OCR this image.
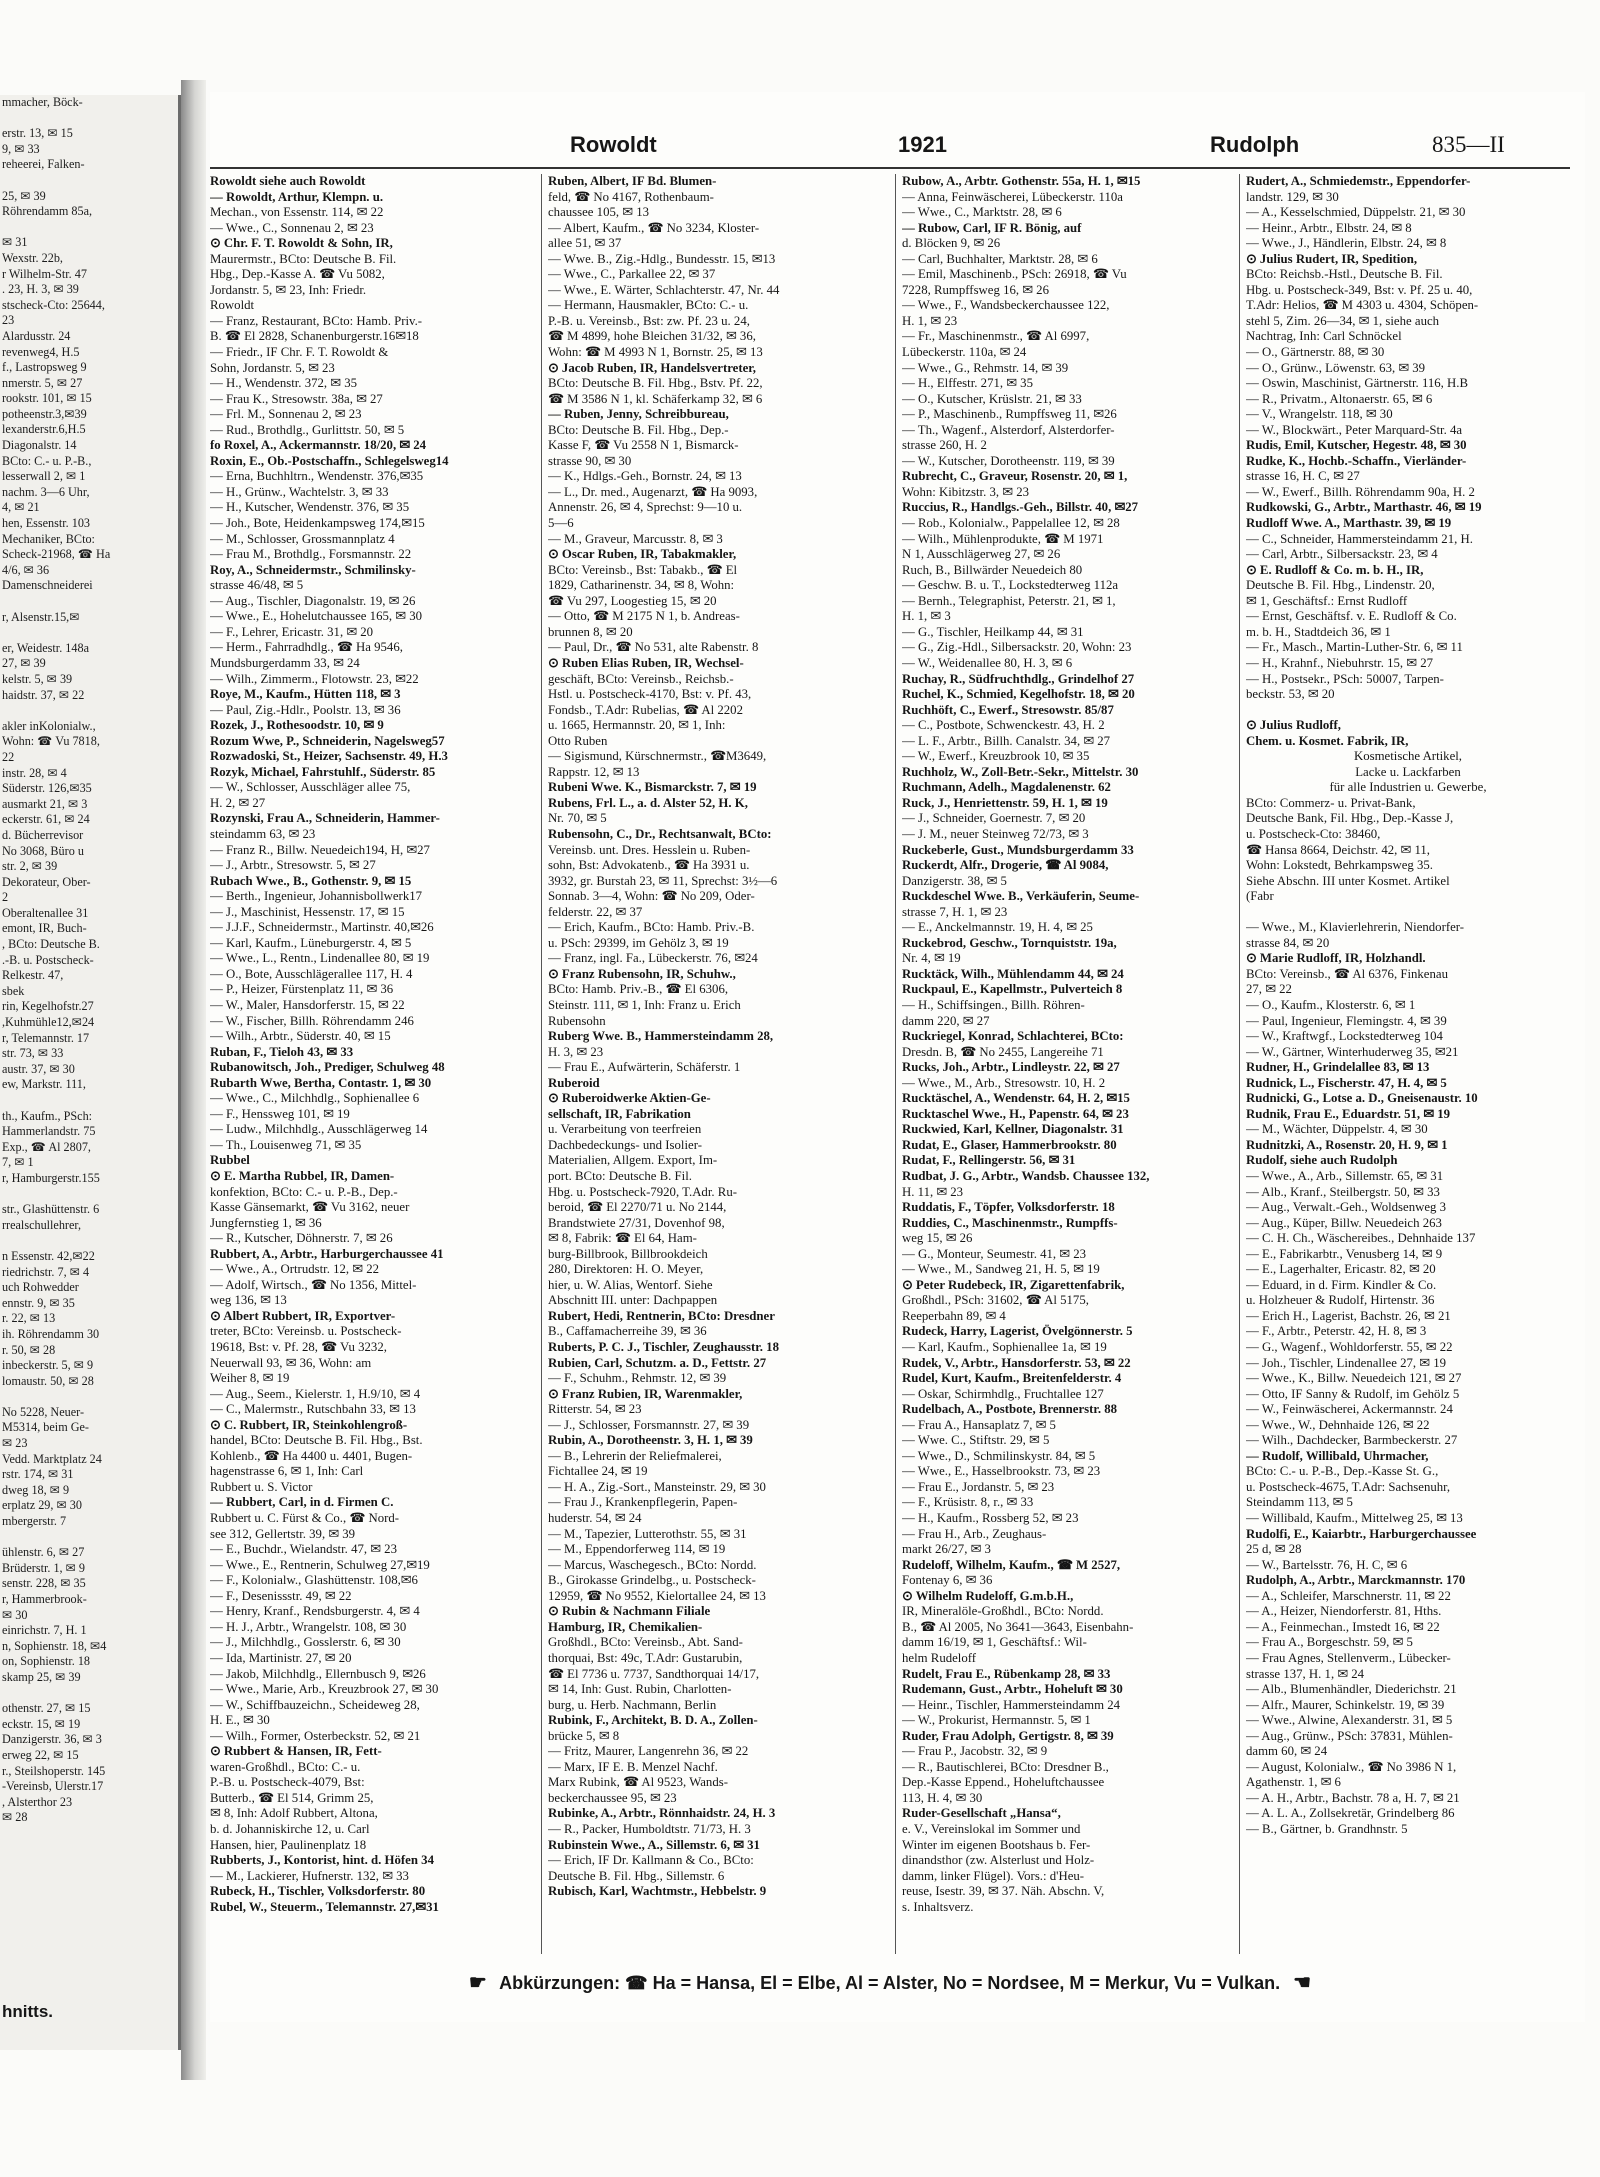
mmacher, Böck-

erstr. 13, ✉ 15
9, ✉ 33
reheerei, Falken-

25, ✉ 39
Röhrendamm 85a,

✉ 31
Wexstr. 22b,
r Wilhelm-Str. 47
. 23, H. 3, ✉ 39
stscheck-Cto: 25644,
23
Alardusstr. 24
revenweg4, H.5
f., Lastropsweg 9
nmerstr. 5, ✉ 27
rookstr. 101, ✉ 15
potheenstr.3,✉39
lexanderstr.6,H.5
Diagonalstr. 14
BCto: C.- u. P.-B.,
lesserwall 2, ✉ 1
nachm. 3—6 Uhr,
4, ✉ 21
hen, Essenstr. 103
Mechaniker, BCto:
Scheck-21968, ☎ Ha
4/6, ✉ 36
Damenschneiderei

r, Alsenstr.15,✉

er, Weidestr. 148a
27, ✉ 39
kelstr. 5, ✉ 39
haidstr. 37, ✉ 22

akler inKolonialw.,
Wohn: ☎ Vu 7818,
22
instr. 28, ✉ 4
Süderstr. 126,✉35
ausmarkt 21, ✉ 3
eckerstr. 61, ✉ 24
d. Bücherrevisor
No 3068, Büro u
str. 2, ✉ 39
Dekorateur, Ober-
2
Oberaltenallee 31
emont, IR, Buch-
, BCto: Deutsche B.
.-B. u. Postscheck-
Relkestr. 47,
sbek
rin, Kegelhofstr.27
,Kuhmühle12,✉24
r, Telemannstr. 17
str. 73, ✉ 33
austr. 37, ✉ 30
ew, Markstr. 111,

th., Kaufm., PSch:
Hammerlandstr. 75
Exp., ☎ Al 2807,
7, ✉ 1
r, Hamburgerstr.155

str., Glashüttenstr. 6
rrealschullehrer,

n Essenstr. 42,✉22
riedrichstr. 7, ✉ 4
uch Rohwedder
ennstr. 9, ✉ 35
r. 22, ✉ 13
ih. Röhrendamm 30
r. 50, ✉ 28
inbeckerstr. 5, ✉ 9
lomaustr. 50, ✉ 28

No 5228, Neuer-
M5314, beim Ge-
✉ 23
Vedd. Marktplatz 24
rstr. 174, ✉ 31
dweg 18, ✉ 9
erplatz 29, ✉ 30
mbergerstr. 7

ühlenstr. 6, ✉ 27
Brüderstr. 1, ✉ 9
senstr. 228, ✉ 35
r, Hammerbrook-
✉ 30
einrichstr. 7, H. 1
n, Sophienstr. 18, ✉4
on, Sophienstr. 18
skamp 25, ✉ 39

othenstr. 27, ✉ 15
eckstr. 15, ✉ 19
Danzigerstr. 36, ✉ 3
erweg 22, ✉ 15
r., Steilshoperstr. 145
-Vereinsb, Ulerstr.17
, Alsterthor 23
✉ 28
hnitts.
Rowoldt	1921	Rudolph	835—II
Rowoldt siehe auch Rowoldt
— Rowoldt, Arthur, Klempn. u.
Mechan., von Essenstr. 114, ✉ 22
— Wwe., C., Sonnenau 2, ✉ 23
⊙ Chr. F. T. Rowoldt & Sohn, IR,
Maurermstr., BCto: Deutsche B. Fil.
Hbg., Dep.-Kasse A. ☎ Vu 5082,
Jordanstr. 5, ✉ 23, Inh: Friedr.
Rowoldt
— Franz, Restaurant, BCto: Hamb. Priv.-
B. ☎ El 2828, Schanenburgerstr.16✉18
— Friedr., IF Chr. F. T. Rowoldt &
Sohn, Jordanstr. 5, ✉ 23
— H., Wendenstr. 372, ✉ 35
— Frau K., Stresowstr. 38a, ✉ 27
— Frl. M., Sonnenau 2, ✉ 23
— Rud., Brothdlg., Gurlittstr. 50, ✉ 5
fo Roxel, A., Ackermannstr. 18/20, ✉ 24
Roxin, E., Ob.-Postschaffn., Schlegelsweg14
— Erna, Buchhltrn., Wendenstr. 376,✉35
— H., Grünw., Wachtelstr. 3, ✉ 33
— H., Kutscher, Wendenstr. 376, ✉ 35
— Joh., Bote, Heidenkampsweg 174,✉15
— M., Schlosser, Grossmannplatz 4
— Frau M., Brothdlg., Forsmannstr. 22
Roy, A., Schneidermstr., Schmilinsky-
strasse 46/48, ✉ 5
— Aug., Tischler, Diagonalstr. 19, ✉ 26
— Wwe., E., Hohelutchaussee 165, ✉ 30
— F., Lehrer, Ericastr. 31, ✉ 20
— Herm., Fahrradhdlg., ☎ Ha 9546,
Mundsburgerdamm 33, ✉ 24
— Wilh., Zimmerm., Flotowstr. 23, ✉22
Roye, M., Kaufm., Hütten 118, ✉ 3
— Paul, Zig.-Hdlr., Poolstr. 13, ✉ 36
Rozek, J., Rothesoodstr. 10, ✉ 9
Rozum Wwe, P., Schneiderin, Nagelsweg57
Rozwadoski, St., Heizer, Sachsenstr. 49, H.3
Rozyk, Michael, Fahrstuhlf., Süderstr. 85
— W., Schlosser, Ausschläger allee 75,
H. 2, ✉ 27
Rozynski, Frau A., Schneiderin, Hammer-
steindamm 63, ✉ 23
— Franz R., Billw. Neuedeich194, H, ✉27
— J., Arbtr., Stresowstr. 5, ✉ 27
Rubach Wwe., B., Gothenstr. 9, ✉ 15
— Berth., Ingenieur, Johannisbollwerk17
— J., Maschinist, Hessenstr. 17, ✉ 15
— J.J.F., Schneidermstr., Martinstr. 40,✉26
— Karl, Kaufm., Lüneburgerstr. 4, ✉ 5
— Wwe., L., Rentn., Lindenallee 80, ✉ 19
— O., Bote, Ausschlägerallee 117, H. 4
— P., Heizer, Fürstenplatz 11, ✉ 36
— W., Maler, Hansdorferstr. 15, ✉ 22
— W., Fischer, Billh. Röhrendamm 246
— Wilh., Arbtr., Süderstr. 40, ✉ 15
Ruban, F., Tieloh 43, ✉ 33
Rubanowitsch, Joh., Prediger, Schulweg 48
Rubarth Wwe, Bertha, Contastr. 1, ✉ 30
— Wwe., C., Milchhdlg., Sophienallee 6
— F., Henssweg 101, ✉ 19
— Ludw., Milchhdlg., Ausschlägerweg 14
— Th., Louisenweg 71, ✉ 35
Rubbel
⊙ E. Martha Rubbel, IR, Damen-
konfektion, BCto: C.- u. P.-B., Dep.-
Kasse Gänsemarkt, ☎ Vu 3162, neuer
Jungfernstieg 1, ✉ 36
— R., Kutscher, Döhnerstr. 7, ✉ 26
Rubbert, A., Arbtr., Harburgerchaussee 41
— Wwe., A., Ortrudstr. 12, ✉ 22
— Adolf, Wirtsch., ☎ No 1356, Mittel-
weg 136, ✉ 13
⊙ Albert Rubbert, IR, Exportver-
treter, BCto: Vereinsb. u. Postscheck-
19618, Bst: v. Pf. 28, ☎ Vu 3232,
Neuerwall 93, ✉ 36, Wohn: am
Weiher 8, ✉ 19
— Aug., Seem., Kielerstr. 1, H.9/10, ✉ 4
— C., Malermstr., Rutschbahn 33, ✉ 13
⊙ C. Rubbert, IR, Steinkohlengroß-
handel, BCto: Deutsche B. Fil. Hbg., Bst.
Kohlenb., ☎ Ha 4400 u. 4401, Bugen-
hagenstrasse 6, ✉ 1, Inh: Carl
Rubbert u. S. Victor
— Rubbert, Carl, in d. Firmen C.
Rubbert u. C. Fürst & Co., ☎ Nord-
see 312, Gellertstr. 39, ✉ 39
— E., Buchdr., Wielandstr. 47, ✉ 23
— Wwe., E., Rentnerin, Schulweg 27,✉19
— F., Kolonialw., Glashüttenstr. 108,✉6
— F., Desenissstr. 49, ✉ 22
— Henry, Kranf., Rendsburgerstr. 4, ✉ 4
— H. J., Arbtr., Wrangelstr. 108, ✉ 30
— J., Milchhdlg., Gosslerstr. 6, ✉ 30
— Ida, Martinistr. 27, ✉ 20
— Jakob, Milchhdlg., Ellernbusch 9, ✉26
— Wwe., Marie, Arb., Kreuzbrook 27, ✉ 30
— W., Schiffbauzeichn., Scheideweg 28,
H. E., ✉ 30
— Wilh., Former, Osterbeckstr. 52, ✉ 21
⊙ Rubbert & Hansen, IR, Fett-
waren-Großhdl., BCto: C.- u.
P.-B. u. Postscheck-4079, Bst:
Butterb., ☎ El 514, Grimm 25,
✉ 8, Inh: Adolf Rubbert, Altona,
b. d. Johanniskirche 12, u. Carl
Hansen, hier, Paulinenplatz 18
Rubberts, J., Kontorist, hint. d. Höfen 34
— M., Lackierer, Hufnerstr. 132, ✉ 33
Rubeck, H., Tischler, Volksdorferstr. 80
Rubel, W., Steuerm., Telemannstr. 27,✉31
Ruben, Albert, IF Bd. Blumen-
feld, ☎ No 4167, Rothenbaum-
chaussee 105, ✉ 13
— Albert, Kaufm., ☎ No 3234, Kloster-
allee 51, ✉ 37
— Wwe. B., Zig.-Hdlg., Bundesstr. 15, ✉13
— Wwe., C., Parkallee 22, ✉ 37
— Wwe., E. Wärter, Schlachterstr. 47, Nr. 44
— Hermann, Hausmakler, BCto: C.- u.
P.-B. u. Vereinsb., Bst: zw. Pf. 23 u. 24,
☎ M 4899, hohe Bleichen 31/32, ✉ 36,
Wohn: ☎ M 4993 N 1, Bornstr. 25, ✉ 13
⊙ Jacob Ruben, IR, Handelsvertreter,
BCto: Deutsche B. Fil. Hbg., Bstv. Pf. 22,
☎ M 3586 N 1, kl. Schäferkamp 32, ✉ 6
— Ruben, Jenny, Schreibbureau,
BCto: Deutsche B. Fil. Hbg., Dep.-
Kasse F, ☎ Vu 2558 N 1, Bismarck-
strasse 90, ✉ 30
— K., Hdlgs.-Geh., Bornstr. 24, ✉ 13
— L., Dr. med., Augenarzt, ☎ Ha 9093,
Annenstr. 26, ✉ 4, Sprechst: 9—10 u.
5—6
— M., Graveur, Marcusstr. 8, ✉ 3
⊙ Oscar Ruben, IR, Tabakmakler,
BCto: Vereinsb., Bst: Tabakb., ☎ El
1829, Catharinenstr. 34, ✉ 8, Wohn:
☎ Vu 297, Loogestieg 15, ✉ 20
— Otto, ☎ M 2175 N 1, b. Andreas-
brunnen 8, ✉ 20
— Paul, Dr., ☎ No 531, alte Rabenstr. 8
⊙ Ruben Elias Ruben, IR, Wechsel-
geschäft, BCto: Vereinsb., Reichsb.-
Hstl. u. Postscheck-4170, Bst: v. Pf. 43,
Fondsb., T.Adr: Rubelias, ☎ Al 2202
u. 1665, Hermannstr. 20, ✉ 1, Inh:
Otto Ruben
— Sigismund, Kürschnermstr., ☎M3649,
Rappstr. 12, ✉ 13
Rubeni Wwe. K., Bismarckstr. 7, ✉ 19
Rubens, Frl. L., a. d. Alster 52, H. K,
Nr. 70, ✉ 5
Rubensohn, C., Dr., Rechtsanwalt, BCto:
Vereinsb. unt. Dres. Hesslein u. Ruben-
sohn, Bst: Advokatenb., ☎ Ha 3931 u.
3932, gr. Burstah 23, ✉ 11, Sprechst: 3½—6
Sonnab. 3—4, Wohn: ☎ No 209, Oder-
felderstr. 22, ✉ 37
— Erich, Kaufm., BCto: Hamb. Priv.-B.
u. PSch: 29399, im Gehölz 3, ✉ 19
— Franz, ingl. Fa., Lübeckerstr. 76, ✉24
⊙ Franz Rubensohn, IR, Schuhw.,
BCto: Hamb. Priv.-B., ☎ El 6306,
Steinstr. 111, ✉ 1, Inh: Franz u. Erich
Rubensohn
Ruberg Wwe. B., Hammersteindamm 28,
H. 3, ✉ 23
— Frau E., Aufwärterin, Schäferstr. 1
Ruberoid
⊙ Ruberoidwerke Aktien-Ge-
sellschaft, IR, Fabrikation
u. Verarbeitung von teerfreien
Dachbedeckungs- und Isolier-
Materialien, Allgem. Export, Im-
port. BCto: Deutsche B. Fil.
Hbg. u. Postscheck-7920, T.Adr. Ru-
beroid, ☎ El 2270/71 u. No 2144,
Brandstwiete 27/31, Dovenhof 98,
✉ 8, Fabrik: ☎ El 64, Ham-
burg-Billbrook, Billbrookdeich
280, Direktoren: H. O. Meyer,
hier, u. W. Alias, Wentorf. Siehe
Abschnitt III. unter: Dachpappen
Rubert, Hedi, Rentnerin, BCto: Dresdner
B., Caffamacherreihe 39, ✉ 36
Ruberts, P. C. J., Tischler, Zeughausstr. 18
Rubien, Carl, Schutzm. a. D., Fettstr. 27
— F., Schuhm., Rehmstr. 12, ✉ 39
⊙ Franz Rubien, IR, Warenmakler,
Ritterstr. 54, ✉ 23
— J., Schlosser, Forsmannstr. 27, ✉ 39
Rubin, A., Dorotheenstr. 3, H. 1, ✉ 39
— B., Lehrerin der Reliefmalerei,
Fichtallee 24, ✉ 19
— H. A., Zig.-Sort., Mansteinstr. 29, ✉ 30
— Frau J., Krankenpflegerin, Papen-
huderstr. 54, ✉ 24
— M., Tapezier, Lutterothstr. 55, ✉ 31
— M., Eppendorferweg 114, ✉ 19
— Marcus, Waschegesch., BCto: Nordd.
B., Girokasse Grindelbg., u. Postscheck-
12959, ☎ No 9552, Kielortallee 24, ✉ 13
⊙ Rubin & Nachmann Filiale
Hamburg, IR, Chemikalien-
Großhdl., BCto: Vereinsb., Abt. Sand-
thorquai, Bst: 49c, T.Adr: Gustarubin,
☎ El 7736 u. 7737, Sandthorquai 14/17,
✉ 14, Inh: Gust. Rubin, Charlotten-
burg, u. Herb. Nachmann, Berlin
Rubink, F., Architekt, B. D. A., Zollen-
brücke 5, ✉ 8
— Fritz, Maurer, Langenrehn 36, ✉ 22
— Marx, IF E. B. Menzel Nachf.
Marx Rubink, ☎ Al 9523, Wands-
beckerchaussee 95, ✉ 23
Rubinke, A., Arbtr., Rönnhaidstr. 24, H. 3
— R., Packer, Humboldtstr. 71/73, H. 3
Rubinstein Wwe., A., Sillemstr. 6, ✉ 31
— Erich, IF Dr. Kallmann & Co., BCto:
Deutsche B. Fil. Hbg., Sillemstr. 6
Rubisch, Karl, Wachtmstr., Hebbelstr. 9
Rubow, A., Arbtr. Gothenstr. 55a, H. 1, ✉15
— Anna, Feinwäscherei, Lübeckerstr. 110a
— Wwe., C., Marktstr. 28, ✉ 6
— Rubow, Carl, IF R. Bönig, auf
d. Blöcken 9, ✉ 26
— Carl, Buchhalter, Marktstr. 28, ✉ 6
— Emil, Maschinenb., PSch: 26918, ☎ Vu
7228, Rumpffsweg 16, ✉ 26
— Wwe., F., Wandsbeckerchaussee 122,
H. 1, ✉ 23
— Fr., Maschinenmstr., ☎ Al 6997,
Lübeckerstr. 110a, ✉ 24
— Wwe., G., Rehmstr. 14, ✉ 39
— H., Elffestr. 271, ✉ 35
— O., Kutscher, Krüslstr. 21, ✉ 33
— P., Maschinenb., Rumpffsweg 11, ✉26
— Th., Wagenf., Alsterdorf, Alsterdorfer-
strasse 260, H. 2
— W., Kutscher, Dorotheenstr. 119, ✉ 39
Rubrecht, C., Graveur, Rosenstr. 20, ✉ 1,
Wohn: Kibitzstr. 3, ✉ 23
Ruccius, R., Handlgs.-Geh., Billstr. 40, ✉27
— Rob., Kolonialw., Pappelallee 12, ✉ 28
— Wilh., Mühlenprodukte, ☎ M 1971
N 1, Ausschlägerweg 27, ✉ 26
Ruch, B., Billwärder Neuedeich 80
— Geschw. B. u. T., Lockstedterweg 112a
— Bernh., Telegraphist, Peterstr. 21, ✉ 1,
H. 1, ✉ 3
— G., Tischler, Heilkamp 44, ✉ 31
— G., Zig.-Hdl., Silbersackstr. 20, Wohn: 23
— W., Weidenallee 80, H. 3, ✉ 6
Ruchay, R., Südfruchthdlg., Grindelhof 27
Ruchel, K., Schmied, Kegelhofstr. 18, ✉ 20
Ruchhöft, C., Ewerf., Stresowstr. 85/87
— C., Postbote, Schwenckestr. 43, H. 2
— L. F., Arbtr., Billh. Canalstr. 34, ✉ 27
— W., Ewerf., Kreuzbrook 10, ✉ 35
Ruchholz, W., Zoll-Betr.-Sekr., Mittelstr. 30
Ruchmann, Adelh., Magdalenenstr. 62
Ruck, J., Henriettenstr. 59, H. 1, ✉ 19
— J., Schneider, Goernestr. 7, ✉ 20
— J. M., neuer Steinweg 72/73, ✉ 3
Ruckeberle, Gust., Mundsburgerdamm 33
Ruckerdt, Alfr., Drogerie, ☎ Al 9084,
Danzigerstr. 38, ✉ 5
Ruckdeschel Wwe. B., Verkäuferin, Seume-
strasse 7, H. 1, ✉ 23
— E., Anckelmannstr. 19, H. 4, ✉ 25
Ruckebrod, Geschw., Tornquiststr. 19a,
Nr. 4, ✉ 19
Rucktäck, Wilh., Mühlendamm 44, ✉ 24
Ruckpaul, E., Kapellmstr., Pulverteich 8
— H., Schiffsingen., Billh. Röhren-
damm 220, ✉ 27
Ruckriegel, Konrad, Schlachterei, BCto:
Dresdn. B, ☎ No 2455, Langereihe 71
Rucks, Joh., Arbtr., Lindleystr. 22, ✉ 27
— Wwe., M., Arb., Stresowstr. 10, H. 2
Rucktäschel, A., Wendenstr. 64, H. 2, ✉15
Rucktaschel Wwe., H., Papenstr. 64, ✉ 23
Ruckwied, Karl, Kellner, Diagonalstr. 31
Rudat, E., Glaser, Hammerbrookstr. 80
Rudat, F., Rellingerstr. 56, ✉ 31
Rudbat, J. G., Arbtr., Wandsb. Chaussee 132,
H. 11, ✉ 23
Ruddatis, F., Töpfer, Volksdorferstr. 18
Ruddies, C., Maschinenmstr., Rumpffs-
weg 15, ✉ 26
— G., Monteur, Seumestr. 41, ✉ 23
— Wwe., M., Sandweg 21, H. 5, ✉ 19
⊙ Peter Rudebeck, IR, Zigarettenfabrik,
Großhdl., PSch: 31602, ☎ Al 5175,
Reeperbahn 89, ✉ 4
Rudeck, Harry, Lagerist, Övelgönnerstr. 5
— Karl, Kaufm., Sophienallee 1a, ✉ 19
Rudek, V., Arbtr., Hansdorferstr. 53, ✉ 22
Rudel, Kurt, Kaufm., Breitenfelderstr. 4
— Oskar, Schirmhdlg., Fruchtallee 127
Rudelbach, A., Postbote, Brennerstr. 88
— Frau A., Hansaplatz 7, ✉ 5
— Wwe. C., Stiftstr. 29, ✉ 5
— Wwe., D., Schmilinskystr. 84, ✉ 5
— Wwe., E., Hasselbrookstr. 73, ✉ 23
— Frau E., Jordanstr. 5, ✉ 23
— F., Krüsistr. 8, r., ✉ 33
— H., Kaufm., Rossberg 52, ✉ 23
— Frau H., Arb., Zeughaus-
markt 26/27, ✉ 3
Rudeloff, Wilhelm, Kaufm., ☎ M 2527,
Fontenay 6, ✉ 36
⊙ Wilhelm Rudeloff, G.m.b.H.,
IR, Mineralöle-Großhdl., BCto: Nordd.
B., ☎ Al 2005, No 3641—3643, Eisenbahn-
damm 16/19, ✉ 1, Geschäftsf.: Wil-
helm Rudeloff
Rudelt, Frau E., Rübenkamp 28, ✉ 33
Rudemann, Gust., Arbtr., Hoheluft ✉ 30
— Heinr., Tischler, Hammersteindamm 24
— W., Prokurist, Hermannstr. 5, ✉ 1
Ruder, Frau Adolph, Gertigstr. 8, ✉ 39
— Frau P., Jacobstr. 32, ✉ 9
— R., Bautischlerei, BCto: Dresdner B.,
Dep.-Kasse Eppend., Hoheluftchaussee
113, H. 4, ✉ 30
Ruder-Gesellschaft „Hansa“,
e. V., Vereinslokal im Sommer und
Winter im eigenen Bootshaus b. Fer-
dinandsthor (zw. Alsterlust und Holz-
damm, linker Flügel). Vors.: d'Heu-
reuse, Isestr. 39, ✉ 37. Näh. Abschn. V,
s. Inhaltsverz.
Rudert, A., Schmiedemstr., Eppendorfer-
landstr. 129, ✉ 30
— A., Kesselschmied, Düppelstr. 21, ✉ 30
— Heinr., Arbtr., Elbstr. 24, ✉ 8
— Wwe., J., Händlerin, Elbstr. 24, ✉ 8
⊙ Julius Rudert, IR, Spedition,
BCto: Reichsb.-Hstl., Deutsche B. Fil.
Hbg. u. Postscheck-349, Bst: v. Pf. 25 u. 40,
T.Adr: Helios, ☎ M 4303 u. 4304, Schöpen-
stehl 5, Zim. 26—34, ✉ 1, siehe auch
Nachtrag, Inh: Carl Schnöckel
— O., Gärtnerstr. 88, ✉ 30
— O., Grünw., Löwenstr. 63, ✉ 39
— Oswin, Maschinist, Gärtnerstr. 116, H.B
— R., Privatm., Altonaerstr. 65, ✉ 6
— V., Wrangelstr. 118, ✉ 30
— W., Blockwärt., Peter Marquard-Str. 4a
Rudis, Emil, Kutscher, Hegestr. 48, ✉ 30
Rudke, K., Hochb.-Schaffn., Vierländer-
strasse 16, H. C, ✉ 27
— W., Ewerf., Billh. Röhrendamm 90a, H. 2
Rudkowski, G., Arbtr., Marthastr. 46, ✉ 19
Rudloff Wwe. A., Marthastr. 39, ✉ 19
— C., Schneider, Hammersteindamm 21, H.
— Carl, Arbtr., Silbersackstr. 23, ✉ 4
⊙ E. Rudloff & Co. m. b. H., IR,
Deutsche B. Fil. Hbg., Lindenstr. 20,
✉ 1, Geschäftsf.: Ernst Rudloff
— Ernst, Geschäftsf. v. E. Rudloff & Co.
m. b. H., Stadtdeich 36, ✉ 1
— Fr., Masch., Martin-Luther-Str. 6, ✉ 11
— H., Krahnf., Niebuhrstr. 15, ✉ 27
— H., Postsekr., PSch: 50007, Tarpen-
beckstr. 53, ✉ 20

⊙ Julius Rudloff,
Chem. u. Kosmet. Fabrik, IR,
Kosmetische Artikel,
Lacke u. Lackfarben
für alle Industrien u. Gewerbe,
BCto: Commerz- u. Privat-Bank,
Deutsche Bank, Fil. Hbg., Dep.-Kasse J,
u. Postscheck-Cto: 38460,
☎ Hansa 8664, Deichstr. 42, ✉ 11,
Wohn: Lokstedt, Behrkampsweg 35.
Siehe Abschn. III unter Kosmet. Artikel
(Fabr

— Wwe., M., Klavierlehrerin, Niendorfer-
strasse 84, ✉ 20
⊙ Marie Rudloff, IR, Holzhandl.
BCto: Vereinsb., ☎ Al 6376, Finkenau
27, ✉ 22
— O., Kaufm., Klosterstr. 6, ✉ 1
— Paul, Ingenieur, Flemingstr. 4, ✉ 39
— W., Kraftwgf., Lockstedterweg 104
— W., Gärtner, Winterhuderweg 35, ✉21
Rudner, H., Grindelallee 83, ✉ 13
Rudnick, L., Fischerstr. 47, H. 4, ✉ 5
Rudnicki, G., Lotse a. D., Gneisenaustr. 10
Rudnik, Frau E., Eduardstr. 51, ✉ 19
— M., Wächter, Düppelstr. 4, ✉ 30
Rudnitzki, A., Rosenstr. 20, H. 9, ✉ 1
Rudolf, siehe auch Rudolph
— Wwe., A., Arb., Sillemstr. 65, ✉ 31
— Alb., Kranf., Steilbergstr. 50, ✉ 33
— Aug., Verwalt.-Geh., Woldsenweg 3
— Aug., Küper, Billw. Neuedeich 263
— C. H. Ch., Wäschereibes., Dehnhaide 137
— E., Fabrikarbtr., Venusberg 14, ✉ 9
— E., Lagerhalter, Ericastr. 82, ✉ 20
— Eduard, in d. Firm. Kindler & Co.
u. Holzheuer & Rudolf, Hirtenstr. 36
— Erich H., Lagerist, Bachstr. 26, ✉ 21
— F., Arbtr., Peterstr. 42, H. 8, ✉ 3
— G., Wagenf., Wohldorferstr. 55, ✉ 22
— Joh., Tischler, Lindenallee 27, ✉ 19
— Wwe., K., Billw. Neuedeich 121, ✉ 27
— Otto, IF Sanny & Rudolf, im Gehölz 5
— W., Feinwäscherei, Ackermannstr. 24
— Wwe., W., Dehnhaide 126, ✉ 22
— Wilh., Dachdecker, Barmbeckerstr. 27
— Rudolf, Willibald, Uhrmacher,
BCto: C.- u. P.-B., Dep.-Kasse St. G.,
u. Postscheck-4675, T.Adr: Sachsenuhr,
Steindamm 113, ✉ 5
— Willibald, Kaufm., Mittelweg 25, ✉ 13
Rudolfi, E., Kaiarbtr., Harburgerchaussee
25 d, ✉ 28
— W., Bartelsstr. 76, H. C, ✉ 6
Rudolph, A., Arbtr., Marckmannstr. 170
— A., Schleifer, Marschnerstr. 11, ✉ 22
— A., Heizer, Niendorferstr. 81, Hths.
— A., Feinmechan., Imstedt 16, ✉ 22
— Frau A., Borgeschstr. 59, ✉ 5
— Frau Agnes, Stellenverm., Lübecker-
strasse 137, H. 1, ✉ 24
— Alb., Blumenhändler, Diederichstr. 21
— Alfr., Maurer, Schinkelstr. 19, ✉ 39
— Wwe., Alwine, Alexanderstr. 31, ✉ 5
— Aug., Grünw., PSch: 37831, Mühlen-
damm 60, ✉ 24
— August, Kolonialw., ☎ No 3986 N 1,
Agathenstr. 1, ✉ 6
— A. H., Arbtr., Bachstr. 78 a, H. 7, ✉ 21
— A. L. A., Zollsekretär, Grindelberg 86
— B., Gärtner, b. Grandhnstr. 5
☛ Abkürzungen: ☎ Ha = Hansa, El = Elbe, Al = Alster, No = Nordsee, M = Merkur, Vu = Vulkan. ☚
